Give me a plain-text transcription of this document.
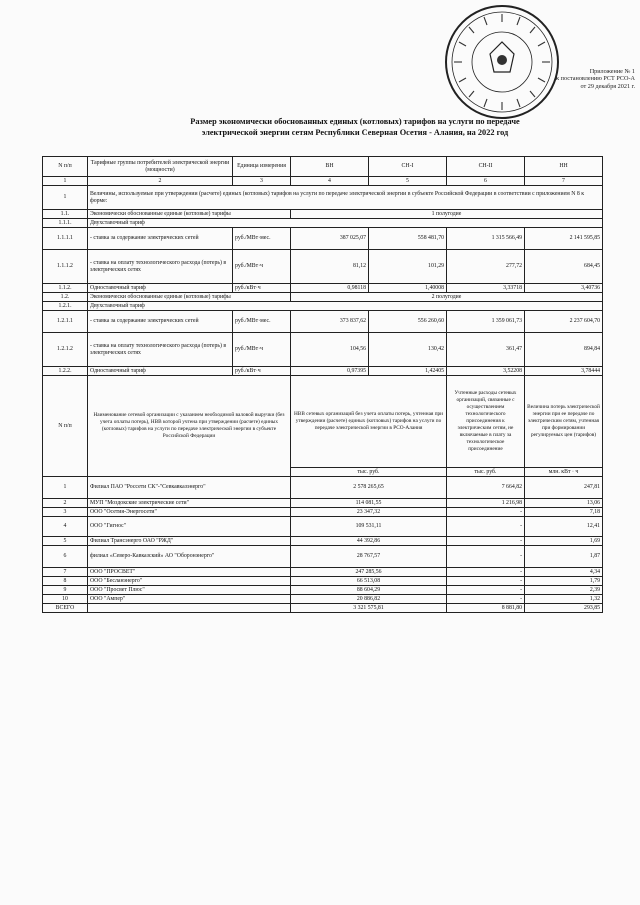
Приложение № 1
к постановлению РСТ РСО-А
от 29 декабря 2021 г.
Размер экономически обоснованных единых (котловых) тарифов на услуги по передаче
электрической энергии сетям Республики Северная Осетия - Алания, на 2022 год
N п/п	Тарифные группы потребителей электрической энергии (мощности)	Единица измерения	ВН	СН-I	СН-II	НН
1	2	3	4	5	6	7
1	Величины, используемые при утверждении (расчете) единых (котловых) тарифов на услуги по передаче электрической энергии в субъекте Российской Федерации в соответствии с приложением N 8 к форме:					
1.1.	Экономически обоснованные единые (котловые) тарифы		1 полугодие			
1.1.1.	Двухставочный тариф					
1.1.1.1	- ставка за содержание электрических сетей	руб./МВт·мес.	387 025,07	558 481,70	1 315 566,49	2 141 595,85
1.1.1.2	- ставка на оплату технологического расхода (потерь) в электрических сетях	руб./МВт·ч	81,12	101,29	277,72	684,45
1.1.2.	Одноставочный тариф	руб./кВт·ч	0,98118	1,40008	3,33718	3,40736
1.2.	Экономически обоснованные единые (котловые) тарифы		2 полугодие			
1.2.1.	Двухставочный тариф					
1.2.1.1	- ставка за содержание электрических сетей	руб./МВт·мес.	373 837,62	556 260,60	1 359 061,73	2 237 604,70
1.2.1.2	- ставка на оплату технологического расхода (потерь) в электрических сетях	руб./МВт·ч	104,56	130,42	361,47	894,84
1.2.2.	Одноставочный тариф	руб./кВт·ч	0,97395	1,42405	3,52208	3,78444
N п/п	Наименование сетевой организации с указанием необходимой валовой выручки (без учета оплаты потерь), НВВ которой учтена при утверждении (расчете) единых (котловых) тарифов на услуги по передаче электрической энергии в субъекте Российской Федерации		НВВ сетевых организаций без учета оплаты потерь, учтенная при утверждении (расчете) единых (котловых) тарифов на услуги по передаче электрической энергии в РСО-Алания		Учтенные расходы сетевых организаций, связанные с осуществлением технологического присоединения к электрическим сетям, не включаемые в плату за технологическое присоединение	Величина потерь электрической энергии при ее передаче по электрическим сетям, учтенная при формировании регулируемых цен (тарифов)
			тыс. руб.		тыс. руб.	млн. кВт · ч
1	Филиал ПАО "Россети СК"-"Севкавказэнерго"		2 578 265,65		7 664,82	247,81
2	МУП "Моздокские электрические сети"		114 081,55		1 216,98	13,06
3	ООО "Осетия-Энергосети"		23 347,32		-	7,18
4	ООО "Гигнос"		109 531,11		-	12,41
5	Филиал Трансэнерго ОАО "РЖД"		44 392,86		-	1,69
6	филиал «Северо-Кавказский» АО "Оборонэнерго"		28 767,57		-	1,87
7	ООО "ПРОСВЕТ"		247 285,56		-	4,34
8	ООО "Бесланэнерго"		66 513,08		-	1,79
9	ООО "Просвет Плюс"		88 604,29		-	2,39
10	ООО "Ампер"		20 886,82		-	1,32
ВСЕГО			3 321 575,81		8 881,80	293,85
